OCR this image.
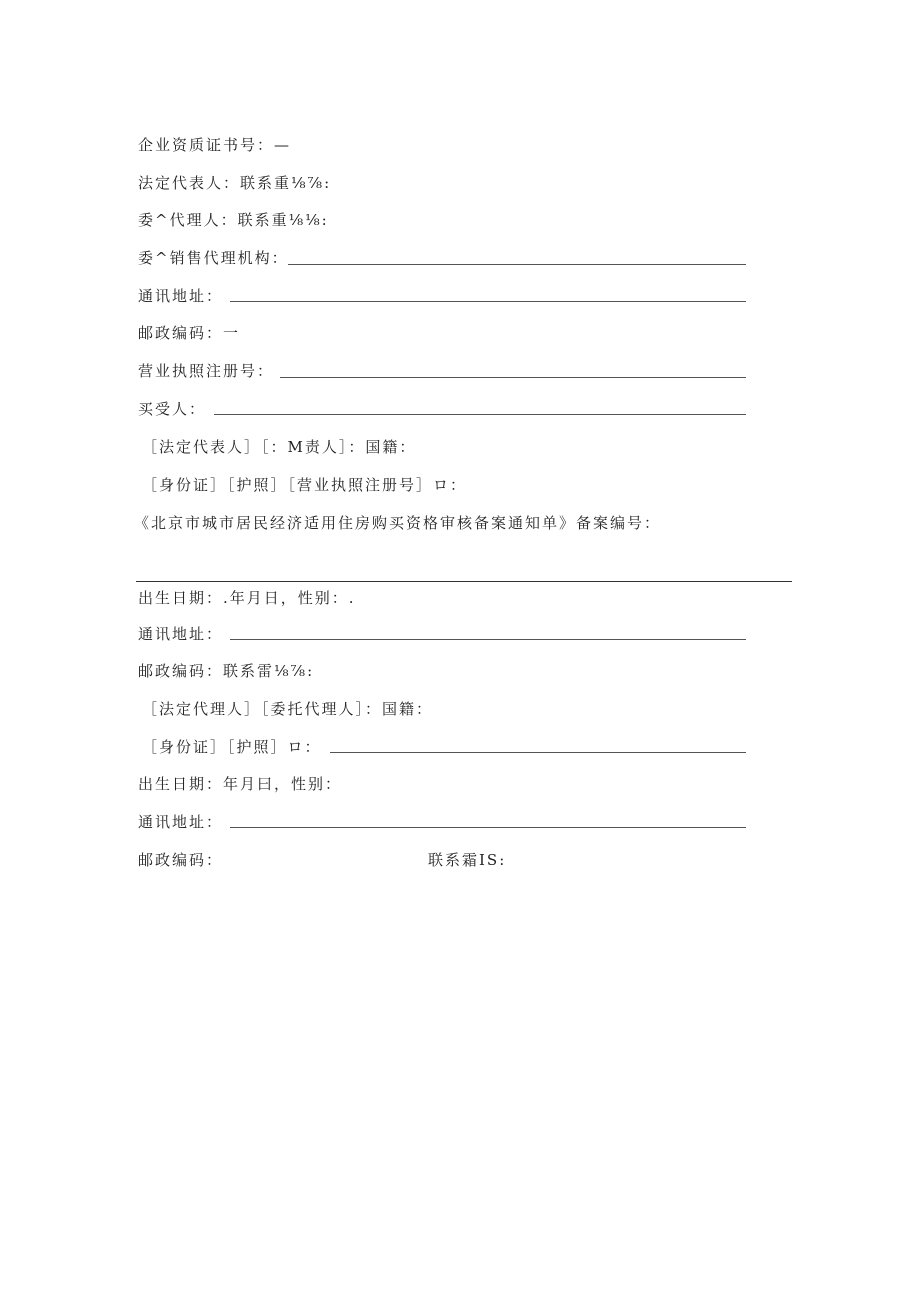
企业资质证书号：—
法定代表人：联系重⅛⅞:
委^代理人：联系重⅛⅛:
委^销售代理机构：
通讯地址：
邮政编码：一
营业执照注册号：
买受人：
［法定代表人］［：M责人］：国籍：
［身份证］［护照］［营业执照注册号］ロ：
《北京市城市居民经济适用住房购买资格审核备案通知单》备案编号：
出生日期：.年月日，性别：.
通讯地址：
邮政编码：联系雷⅛⅞:
［法定代理人］［委托代理人］：国籍：
［身份证］［护照］ロ：
出生日期：年月曰，性别：
通讯地址：
邮政编码：	联系霜IS:
